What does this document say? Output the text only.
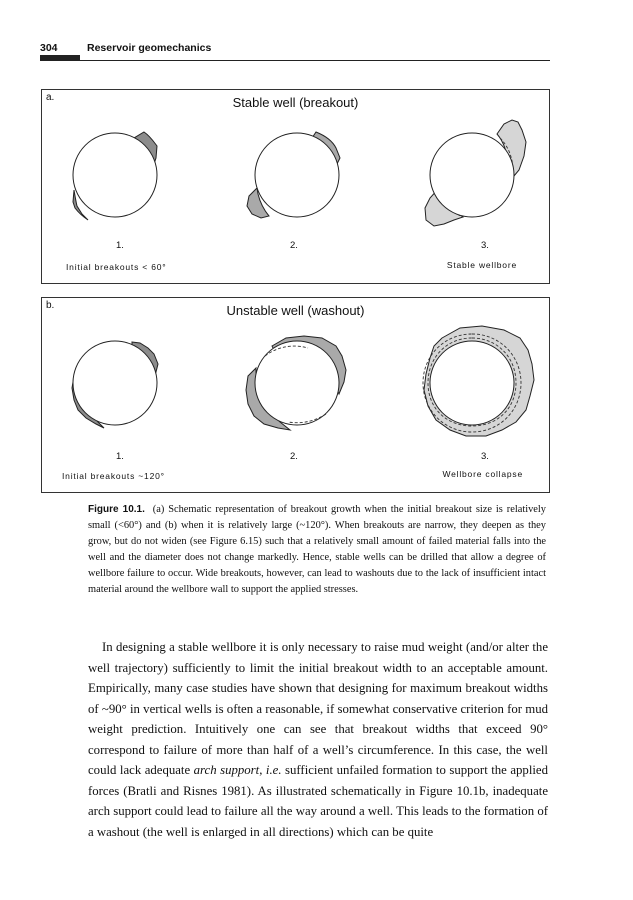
304	Reservoir geomechanics
a.	Stable well (breakout)
1.	2.	3.
Initial breakouts < 60°	Stable wellbore
b.	Unstable well (washout)
1.	2.	3.
Initial breakouts ~120°	Wellbore collapse
Figure 10.1. (a) Schematic representation of breakout growth when the initial breakout size is relatively small (<60°) and (b) when it is relatively large (~120°). When breakouts are narrow, they deepen as they grow, but do not widen (see Figure 6.15) such that a relatively small amount of failed material falls into the well and the diameter does not change markedly. Hence, stable wells can be drilled that allow a degree of wellbore failure to occur. Wide breakouts, however, can lead to washouts due to the lack of insufficient intact material around the wellbore wall to support the applied stresses.

In designing a stable wellbore it is only necessary to raise mud weight (and/or alter the well trajectory) sufficiently to limit the initial breakout width to an acceptable amount. Empirically, many case studies have shown that designing for maximum breakout widths of ~90° in vertical wells is often a reasonable, if somewhat conservative criterion for mud weight prediction. Intuitively one can see that breakout widths that exceed 90° correspond to failure of more than half of a well’s circumference. In this case, the well could lack adequate arch support, i.e. sufficient unfailed formation to support the applied forces (Bratli and Risnes 1981). As illustrated schematically in Figure 10.1b, inadequate arch support could lead to failure all the way around a well. This leads to the formation of a washout (the well is enlarged in all directions) which can be quite
